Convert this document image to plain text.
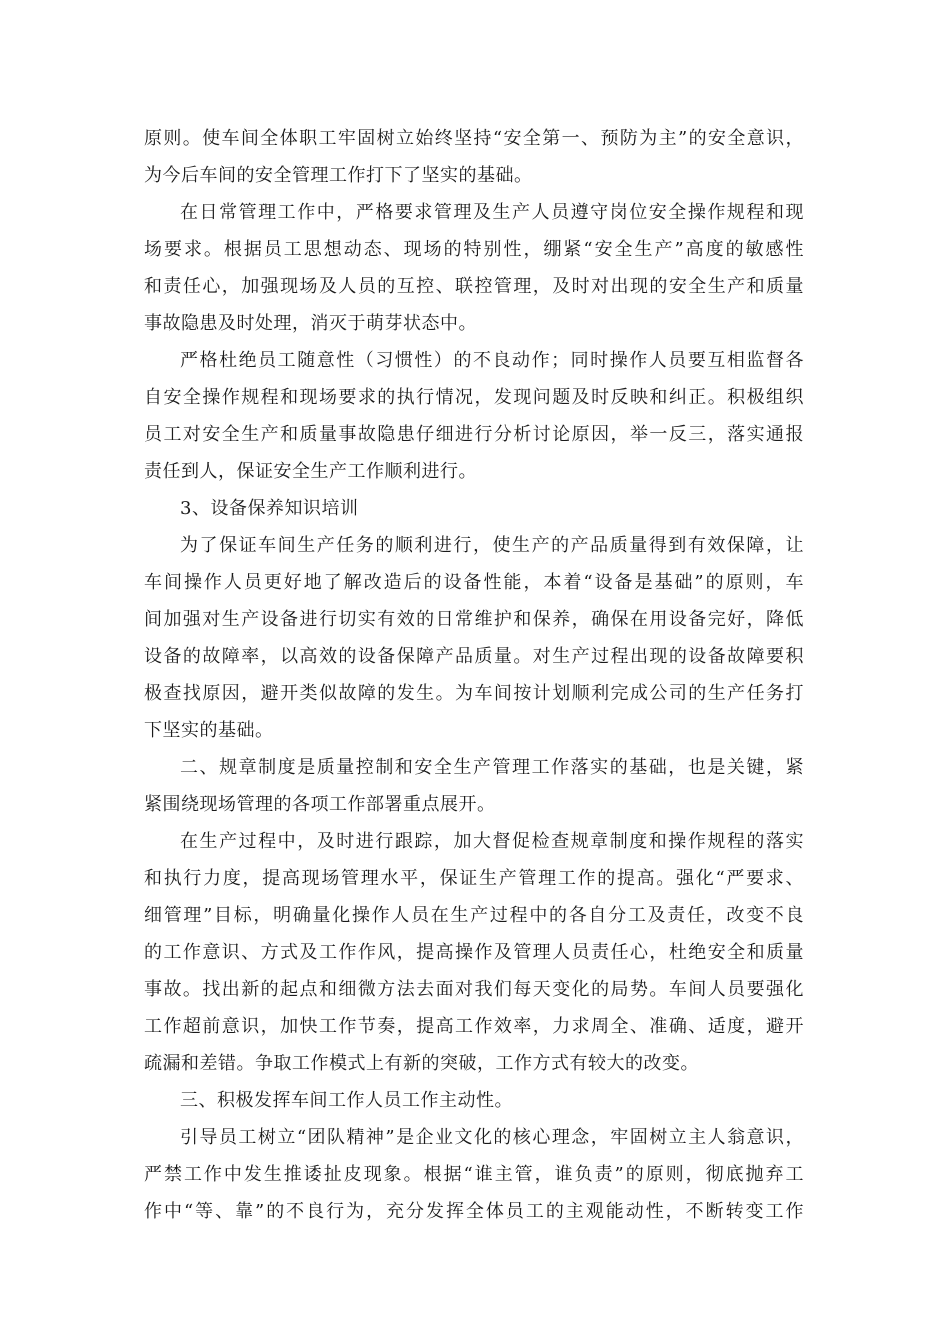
原则。使车间全体职工牢固树立始终坚持“安全第一、预防为主”的安全意识，
为今后车间的安全管理工作打下了坚实的基础。
在日常管理工作中，严格要求管理及生产人员遵守岗位安全操作规程和现
场要求。根据员工思想动态、现场的特别性，绷紧“安全生产”高度的敏感性
和责任心，加强现场及人员的互控、联控管理，及时对出现的安全生产和质量
事故隐患及时处理，消灭于萌芽状态中。
严格杜绝员工随意性（习惯性）的不良动作；同时操作人员要互相监督各
自安全操作规程和现场要求的执行情况，发现问题及时反映和纠正。积极组织
员工对安全生产和质量事故隐患仔细进行分析讨论原因，举一反三，落实通报
责任到人，保证安全生产工作顺利进行。
3、设备保养知识培训
为了保证车间生产任务的顺利进行，使生产的产品质量得到有效保障，让
车间操作人员更好地了解改造后的设备性能，本着“设备是基础”的原则，车
间加强对生产设备进行切实有效的日常维护和保养，确保在用设备完好，降低
设备的故障率，以高效的设备保障产品质量。对生产过程出现的设备故障要积
极查找原因，避开类似故障的发生。为车间按计划顺利完成公司的生产任务打
下坚实的基础。
二、规章制度是质量控制和安全生产管理工作落实的基础，也是关键，紧
紧围绕现场管理的各项工作部署重点展开。
在生产过程中，及时进行跟踪，加大督促检查规章制度和操作规程的落实
和执行力度，提高现场管理水平，保证生产管理工作的提高。强化“严要求、
细管理”目标，明确量化操作人员在生产过程中的各自分工及责任，改变不良
的工作意识、方式及工作作风，提高操作及管理人员责任心，杜绝安全和质量
事故。找出新的起点和细微方法去面对我们每天变化的局势。车间人员要强化
工作超前意识，加快工作节奏，提高工作效率，力求周全、准确、适度，避开
疏漏和差错。争取工作模式上有新的突破，工作方式有较大的改变。
三、积极发挥车间工作人员工作主动性。
引导员工树立“团队精神”是企业文化的核心理念，牢固树立主人翁意识，
严禁工作中发生推诿扯皮现象。根据“谁主管，谁负责”的原则，彻底抛弃工
作中“等、靠”的不良行为，充分发挥全体员工的主观能动性，不断转变工作
